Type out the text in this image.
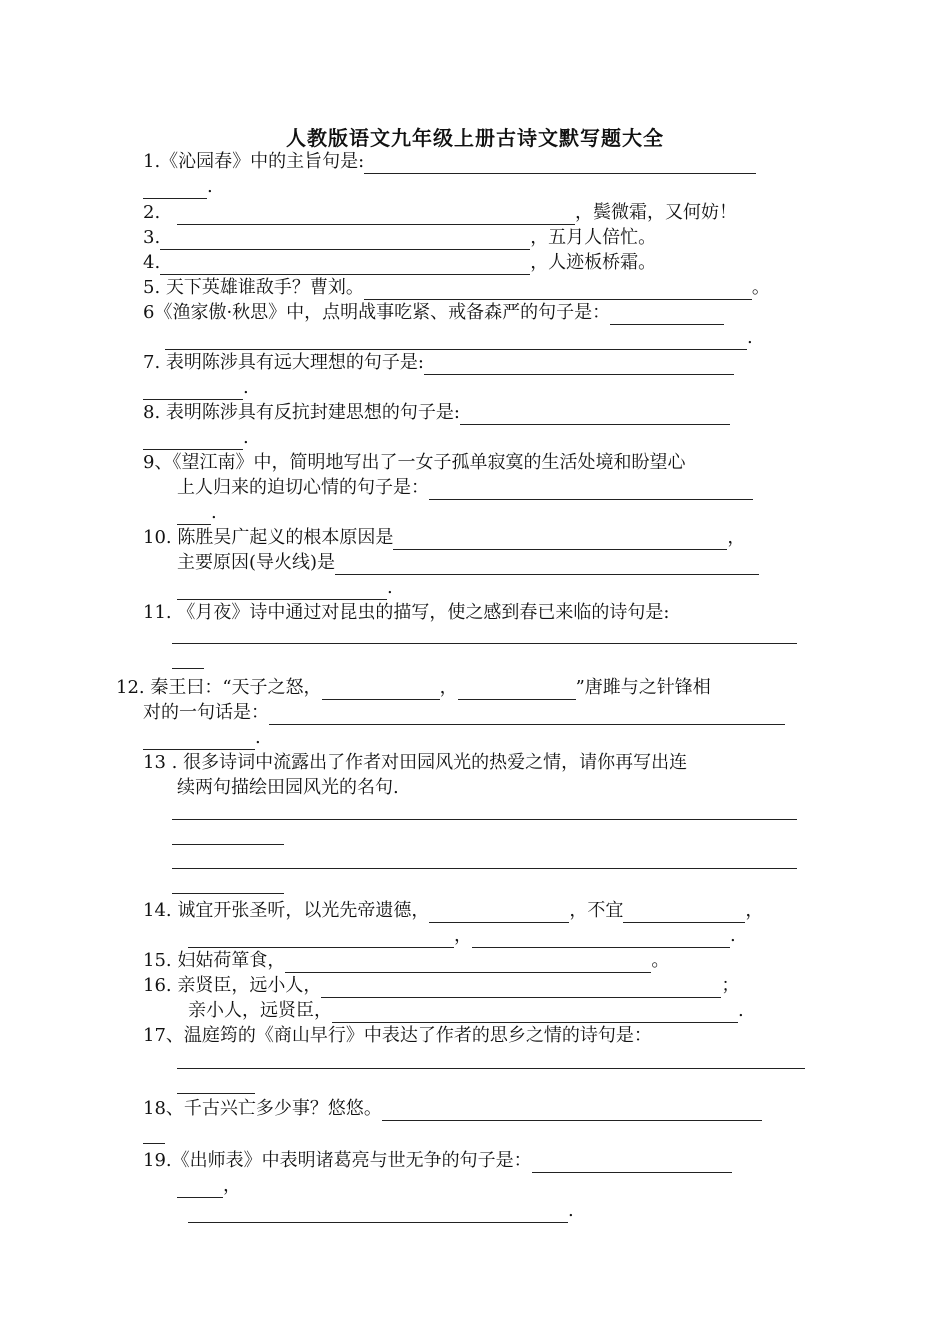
人教版语文九年级上册古诗文默写题大全
1.《沁园春》中的主旨句是:
.
2.	，鬓微霜，又何妨！
3.	，五月人倍忙。
4.	，人迹板桥霜。
5. 天下英雄谁敌手？曹刘。	。
6《渔家傲·秋思》中，点明战事吃紧、戒备森严的句子是：
.
7. 表明陈涉具有远大理想的句子是:
.
8. 表明陈涉具有反抗封建思想的句子是:
.
9、《望江南》中，简明地写出了一女子孤单寂寞的生活处境和盼望心
上人归来的迫切心情的句子是：
.
10. 陈胜吴广起义的根本原因是	，
主要原因(导火线)是
.
11. 《月夜》诗中通过对昆虫的描写，使之感到春已来临的诗句是:
12. 秦王曰：“天子之怒，	，	”唐雎与之针锋相
对的一句话是：
.
13 . 很多诗词中流露出了作者对田园风光的热爱之情，请你再写出连
续两句描绘田园风光的名句.
14. 诚宜开张圣听，以光先帝遗德，	，不宜	，
，	.
15. 妇姑荷箪食，	。
16. 亲贤臣，远小人，	；
亲小人，远贤臣，	.
17、温庭筠的《商山早行》中表达了作者的思乡之情的诗句是：
18、千古兴亡多少事？悠悠。
19.《出师表》中表明诸葛亮与世无争的句子是：
，
.
